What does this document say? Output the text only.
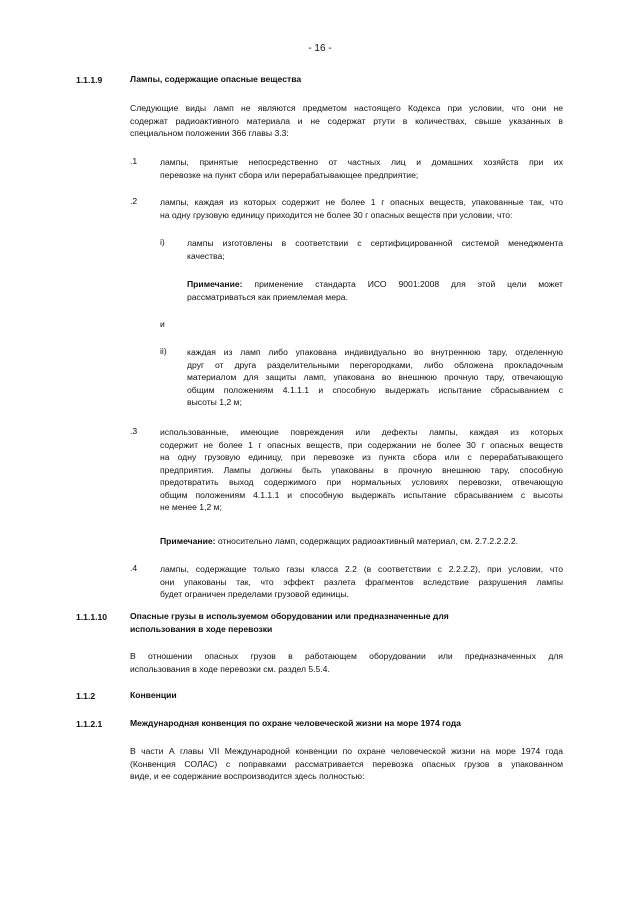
- 16 -
1.1.1.9	Лампы, содержащие опасные вещества
Следующие виды ламп не являются предметом настоящего Кодекса при условии, что они не
содержат радиоактивного материала и не содержат ртути в количествах, свыше указанных в
специальном положении 366 главы 3.3:
.1	лампы, принятые непосредственно от частных лиц и домашних хозяйств при их
перевозке на пункт сбора или перерабатывающее предприятие;
.2	лампы, каждая из которых содержит не более 1 г опасных веществ, упакованные так, что
на одну грузовую единицу приходится не более 30 г опасных веществ при условии, что:
i)	лампы изготовлены в соответствии с сертифицированной системой менеджмента
качества;
Примечание: применение стандарта ИСО 9001:2008 для этой цели может
рассматриваться как приемлемая мера.
и
ii) каждая из ламп либо упакована индивидуально во внутреннюю тару, отделенную
друг от друга разделительными перегородками, либо обложена прокладочным
материалом для защиты ламп, упакована во внешнюю прочную тару, отвечающую
общим положениям 4.1.1.1 и способную выдержать испытание сбрасыванием с
высоты 1,2 м;
.3	использованные, имеющие повреждения или дефекты лампы, каждая из которых
содержит не более 1 г опасных веществ, при содержании не более 30 г опасных веществ
на одну грузовую единицу, при перевозке из пункта сбора или с перерабатывающего
предприятия. Лампы должны быть упакованы в прочную внешнюю тару, способную
предотвратить выход содержимого при нормальных условиях перевозки, отвечающую
общим положениям 4.1.1.1 и способную выдержать испытание сбрасыванием с высоты
не менее 1,2 м;
Примечание: относительно ламп, содержащих радиоактивный материал, см. 2.7.2.2.2.2.
.4	лампы, содержащие только газы класса 2.2 (в соответствии с 2.2.2.2), при условии, что
они упакованы так, что эффект разлета фрагментов вследствие разрушения лампы
будет ограничен пределами грузовой единицы.
1.1.1.10	Опасные грузы в используемом оборудовании или предназначенные для
использования в ходе перевозки
В отношении опасных грузов в работающем оборудовании или предназначенных для
использования в ходе перевозки см. раздел 5.5.4.
1.1.2	Конвенции
1.1.2.1	Международная конвенция по охране человеческой жизни на море 1974 года
В части А главы VII Международной конвенции по охране человеческой жизни на море 1974 года
(Конвенция СОЛАС) с поправками рассматривается перевозка опасных грузов в упакованном
виде, и ее содержание воспроизводится здесь полностью:
